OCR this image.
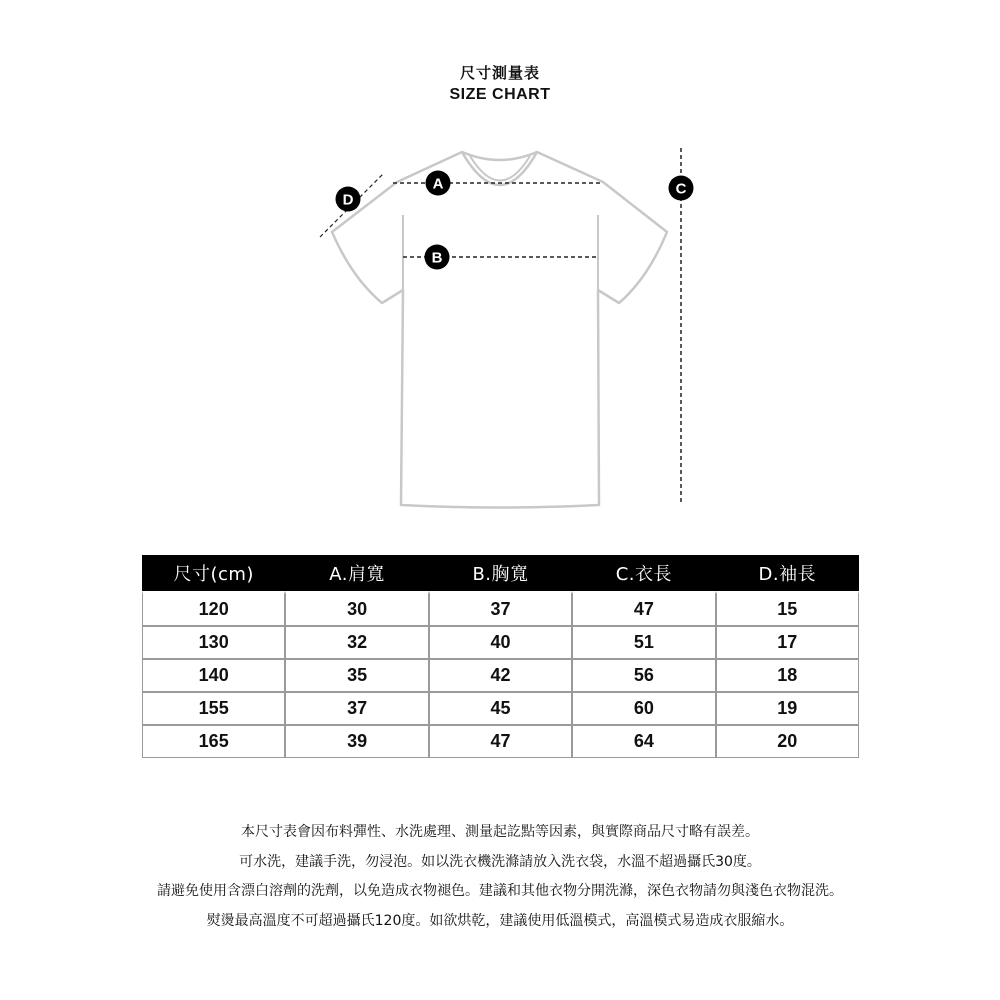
尺寸測量表
SIZE CHART
A
B
C
D
尺寸(cm)	A.肩寬	B.胸寬	C.衣長	D.袖長
120	30	37	47	15
130	32	40	51	17
140	35	42	56	18
155	37	45	60	19
165	39	47	64	20
本尺寸表會因布料彈性、水洗處理、測量起訖點等因素，與實際商品尺寸略有誤差。
可水洗，建議手洗，勿浸泡。如以洗衣機洗滌請放入洗衣袋，水溫不超過攝氏30度。
請避免使用含漂白溶劑的洗劑，以免造成衣物褪色。建議和其他衣物分開洗滌，深色衣物請勿與淺色衣物混洗。
熨燙最高溫度不可超過攝氏120度。如欲烘乾，建議使用低溫模式，高溫模式易造成衣服縮水。
